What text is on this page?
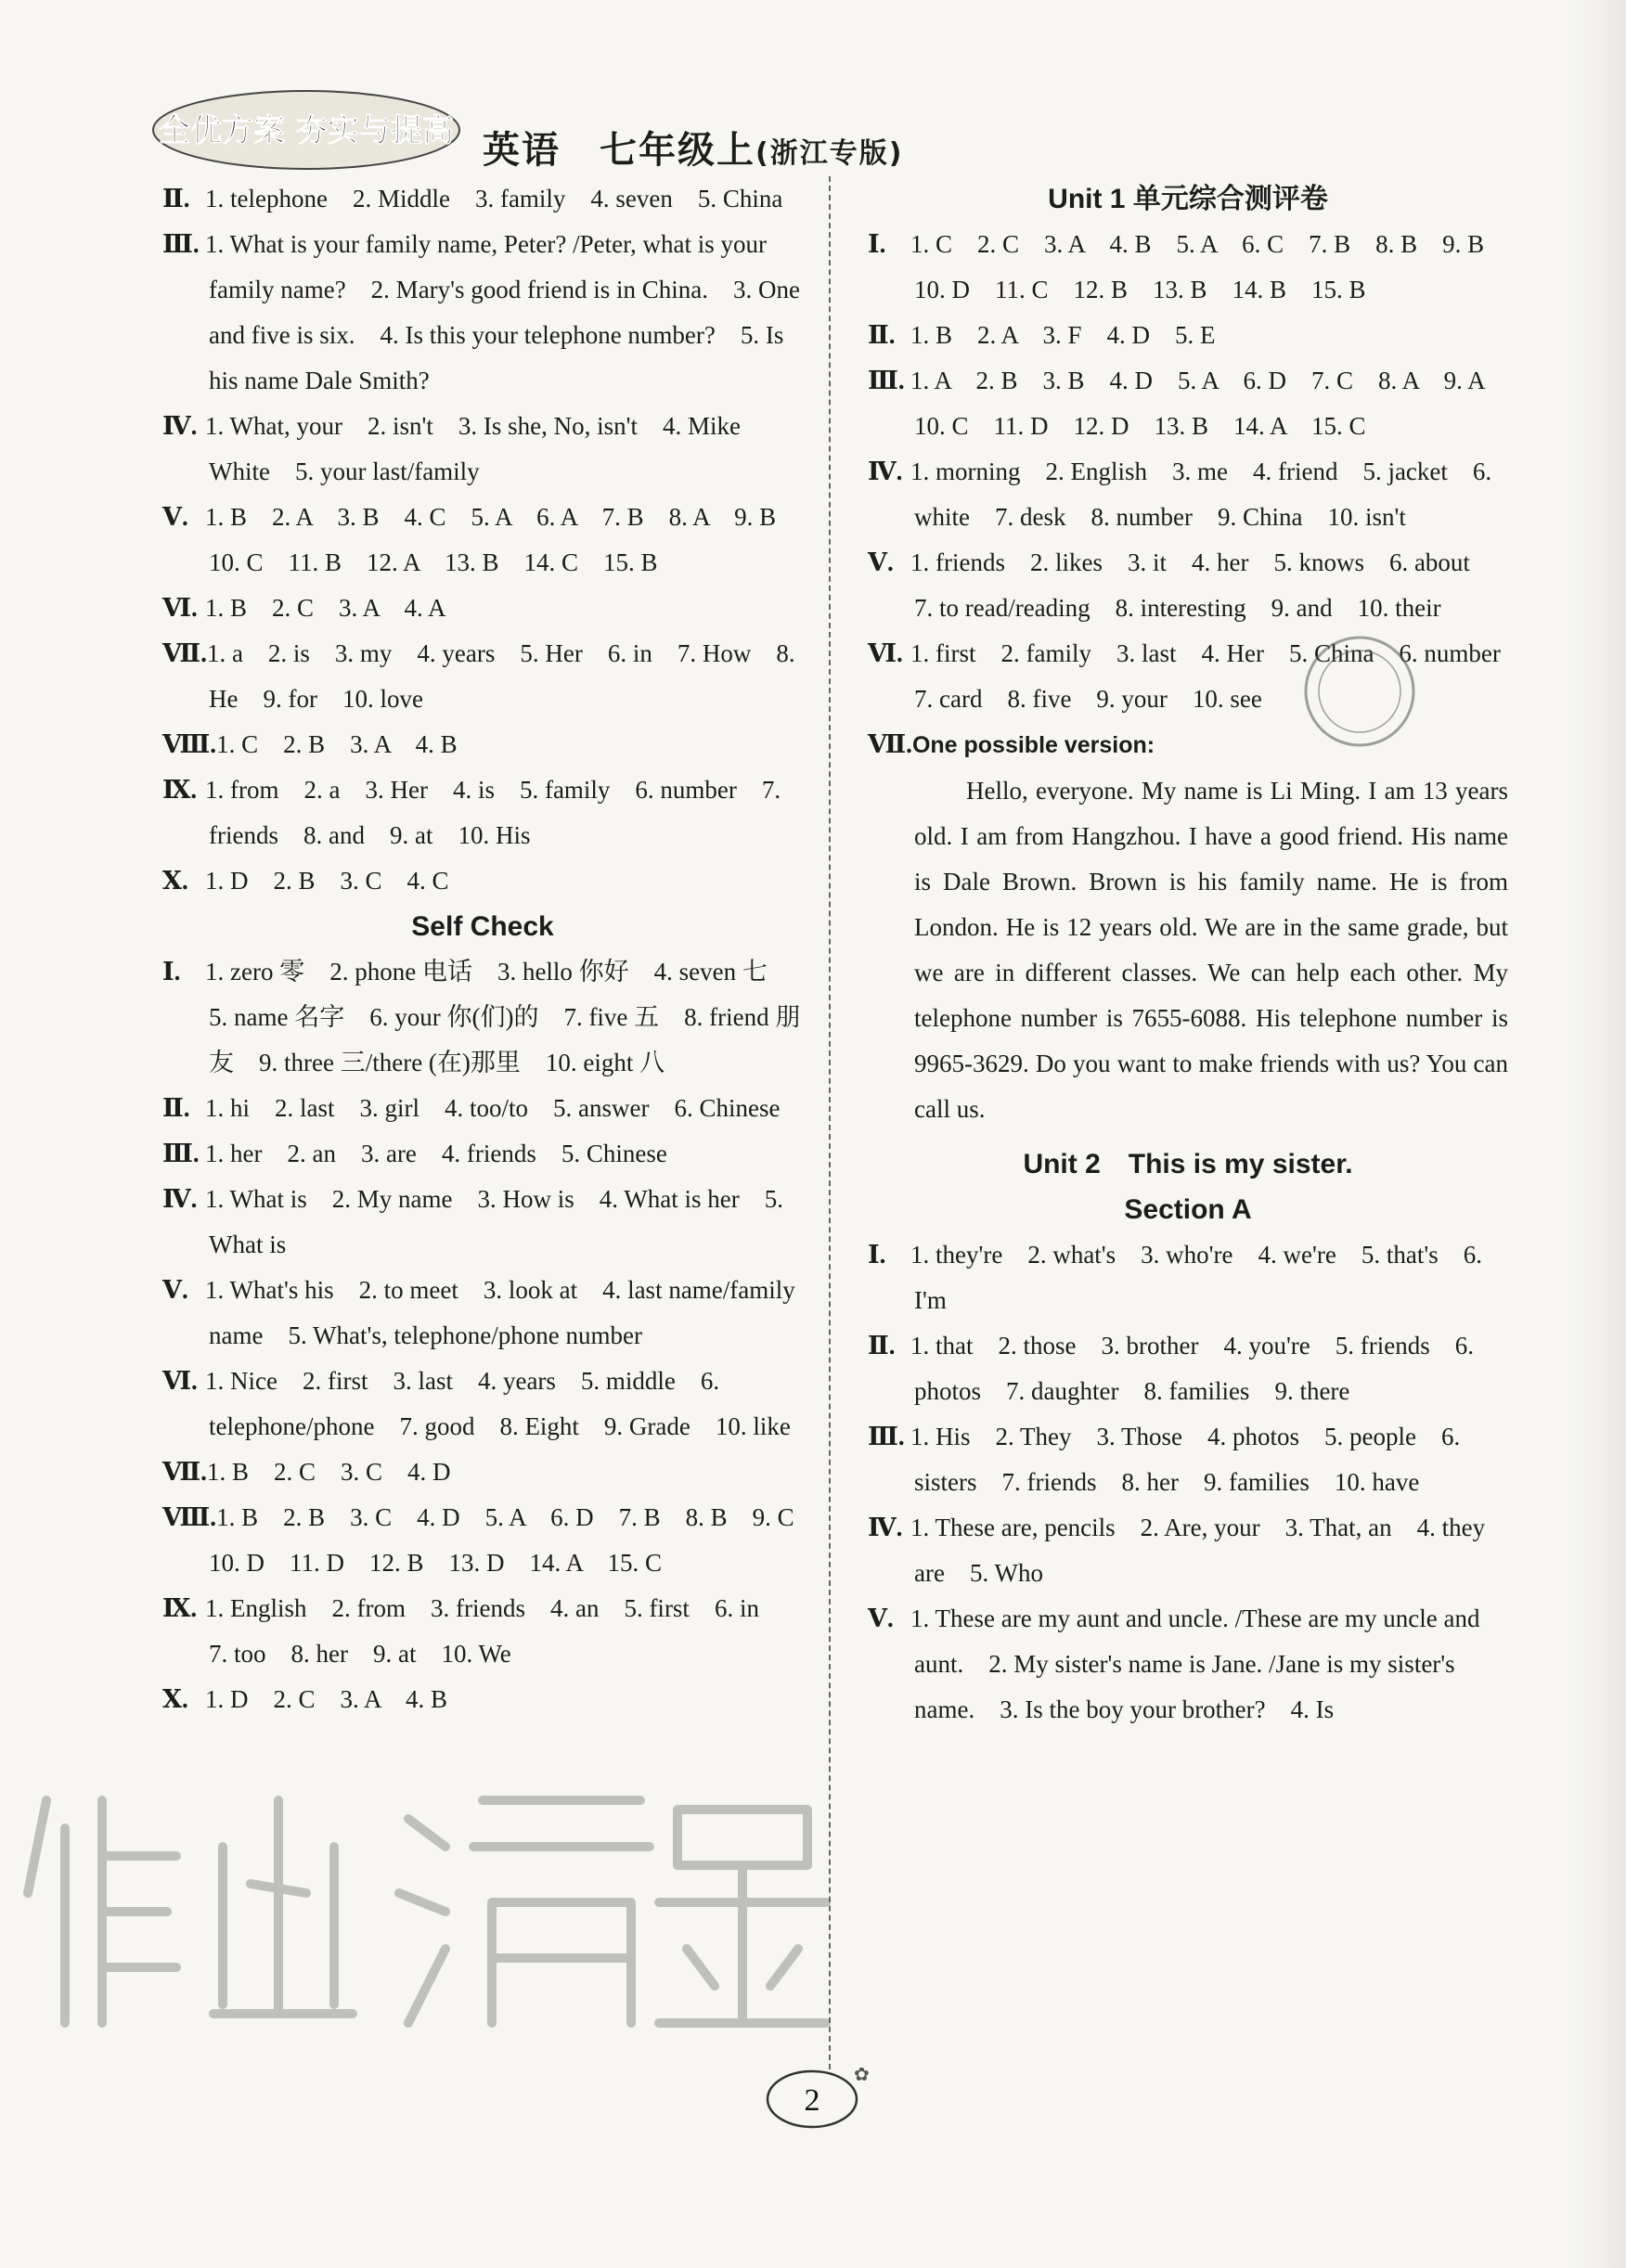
全优方案 夯实与提高 英语　七年级上(浙江专版)
Ⅱ. 1. telephone　2. Middle　3. family　4. seven　5. China
Ⅲ. 1. What is your family name, Peter? /Peter, what is your family name?　2. Mary's good friend is in China.　3. One and five is six.　4. Is this your telephone number?　5. Is his name Dale Smith?
Ⅳ. 1. What, your　2. isn't　3. Is she, No, isn't　4. Mike White　5. your last/family
Ⅴ. 1. B　2. A　3. B　4. C　5. A　6. A　7. B　8. A　9. B　10. C　11. B　12. A　13. B　14. C　15. B
Ⅵ. 1. B　2. C　3. A　4. A
Ⅶ.1. a　2. is　3. my　4. years　5. Her　6. in　7. How　8. He　9. for　10. love
Ⅷ.1. C　2. B　3. A　4. B
Ⅸ. 1. from　2. a　3. Her　4. is　5. family　6. number　7. friends　8. and　9. at　10. His
Ⅹ. 1. D　2. B　3. C　4. C
Self Check
Ⅰ. 1. zero 零　2. phone 电话　3. hello 你好　4. seven 七　5. name 名字　6. your 你(们)的　7. five 五　8. friend 朋友　9. three 三/there (在)那里　10. eight 八
Ⅱ. 1. hi　2. last　3. girl　4. too/to　5. answer　6. Chinese
Ⅲ. 1. her　2. an　3. are　4. friends　5. Chinese
Ⅳ. 1. What is　2. My name　3. How is　4. What is her　5. What is
Ⅴ. 1. What's his　2. to meet　3. look at　4. last name/family name　5. What's, telephone/phone number
Ⅵ. 1. Nice　2. first　3. last　4. years　5. middle　6. telephone/phone　7. good　8. Eight　9. Grade　10. like
Ⅶ.1. B　2. C　3. C　4. D
Ⅷ.1. B　2. B　3. C　4. D　5. A　6. D　7. B　8. B　9. C　10. D　11. D　12. B　13. D　14. A　15. C
Ⅸ. 1. English　2. from　3. friends　4. an　5. first　6. in　7. too　8. her　9. at　10. We
Ⅹ. 1. D　2. C　3. A　4. B
Unit 1 单元综合测评卷
Ⅰ. 1. C　2. C　3. A　4. B　5. A　6. C　7. B　8. B　9. B　10. D　11. C　12. B　13. B　14. B　15. B
Ⅱ. 1. B　2. A　3. F　4. D　5. E
Ⅲ. 1. A　2. B　3. B　4. D　5. A　6. D　7. C　8. A　9. A　10. C　11. D　12. D　13. B　14. A　15. C
Ⅳ. 1. morning　2. English　3. me　4. friend　5. jacket　6. white　7. desk　8. number　9. China　10. isn't
Ⅴ. 1. friends　2. likes　3. it　4. her　5. knows　6. about　7. to read/reading　8. interesting　9. and　10. their
Ⅵ. 1. first　2. family　3. last　4. Her　5. China　6. number　7. card　8. five　9. your　10. see
Ⅶ.One possible version:
Hello, everyone. My name is Li Ming. I am 13 years old. I am from Hangzhou. I have a good friend. His name is Dale Brown. Brown is his family name. He is from London. He is 12 years old. We are in the same grade, but we are in different classes. We can help each other. My telephone number is 7655-6088. His telephone number is 9965-3629. Do you want to make friends with us? You can call us.
Unit 2　This is my sister.
Section A
Ⅰ. 1. they're　2. what's　3. who're　4. we're　5. that's　6. I'm
Ⅱ. 1. that　2. those　3. brother　4. you're　5. friends　6. photos　7. daughter　8. families　9. there
Ⅲ. 1. His　2. They　3. Those　4. photos　5. people　6. sisters　7. friends　8. her　9. families　10. have
Ⅳ. 1. These are, pencils　2. Are, your　3. That, an　4. they are　5. Who
Ⅴ. 1. These are my aunt and uncle. /These are my uncle and aunt.　2. My sister's name is Jane. /Jane is my sister's name.　3. Is the boy your brother?　4. Is
2
✿
